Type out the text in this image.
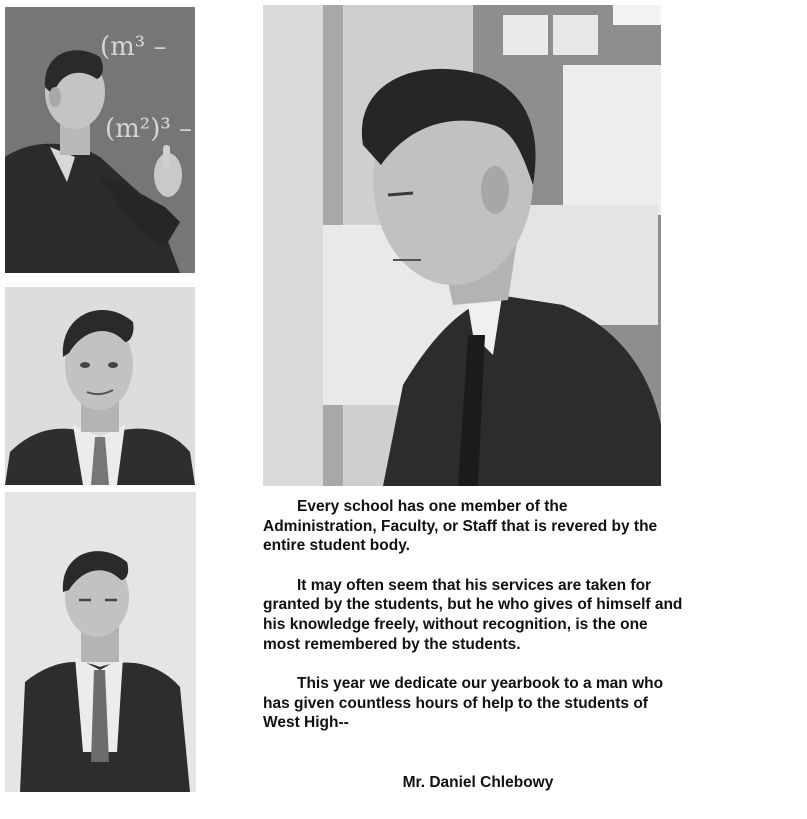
(m³ –
(m²)³ –

Every school has one member of the Administration, Faculty, or Staff that is revered by the entire student body.

It may often seem that his services are taken for granted by the students, but he who gives of himself and his knowledge freely, without recognition, is the one most remembered by the students.

This year we dedicate our yearbook to a man who has given countless hours of help to the students of West High--

Mr. Daniel Chlebowy
